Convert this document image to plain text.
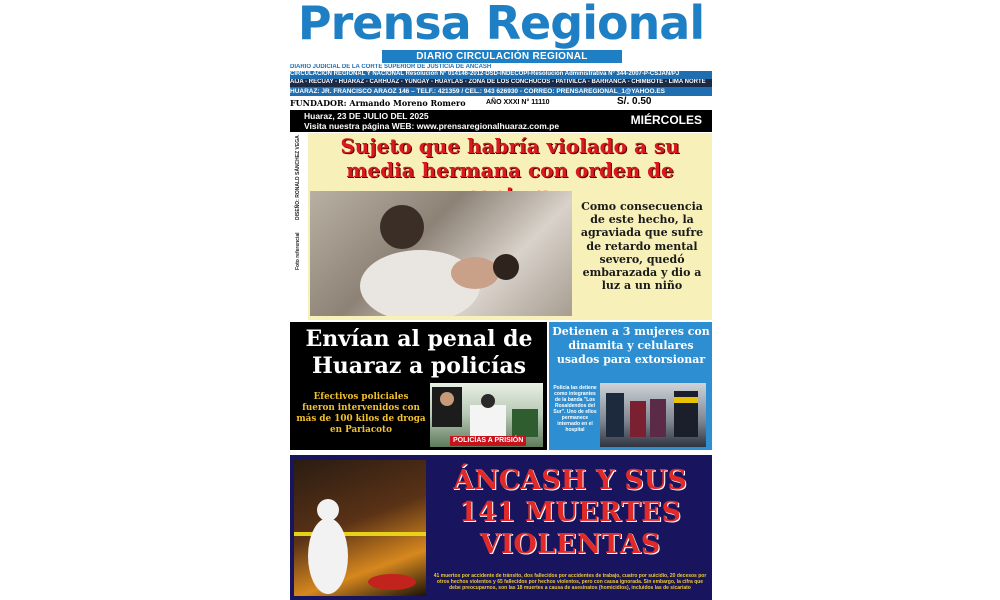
Prensa Regional
DIARIO CIRCULACIÓN REGIONAL
DIARIO JUDICIAL DE LA CORTE SUPERIOR DE JUSTICIA DE ANCASH
CIRCULACIÓN REGIONAL Y NACIONAL Resolución N° 014146-2012-DSD-INDECOPI-Resolución Administrativa N° 344-2007-P-CSJAN/PJ
AIJA - RECUAY - HUARAZ - CARHUAZ - YUNGAY - HUAYLAS - ZONA DE LOS CONCHUCOS - PATIVILCA - BARRANCA - CHIMBOTE - LIMA NORTE
HUARAZ: JR. FRANCISCO ARAOZ 146 – TELF.: 421359 / CEL.: 943 626930 - CORREO: PRENSAREGIONAL_1@YAHOO.ES
FUNDADOR: Armando Moreno Romero	AÑO XXXI N° 11110	S/. 0.50
Huaraz, 23 DE JULIO DEL 2025
Visita nuestra página WEB: www.prensaregionalhuaraz.com.pe	MIÉRCOLES
DISEÑO: RONALD SÁNCHEZ VEGA
Foto referencial
Sujeto que habría violado a su
media hermana con orden de
Como consecuencia de este hecho, la agraviada que sufre de retardo mental severo, quedó embarazada y dio a luz a un niño
Envían al penal de
Huaraz a policías
Efectivos policiales fueron intervenidos con más de 100 kilos de droga en Pariacoto
POLICÍAS A PRISIÓN
Detienen a 3 mujeres con dinamita y celulares usados para extorsionar
Policía las detiene como integrantes de la banda "Los Rosaldendos del Sur". Uno de ellos permanece internado en el hospital
ÁNCASH Y SUS
141 MUERTES
VIOLENTAS
41 muertos por accidente de tránsito, dos fallecidos por accidentes de trabajo, cuatro por suicidio, 20 decesos por otros hechos violentos y 65 fallecidos por hechos violentos, pero con causa ignorada. Sin embargo, la cifra que debe preocuparnos, son las 18 muertes a causa de asesinatos (homicidios), incluidos las de sicariato
